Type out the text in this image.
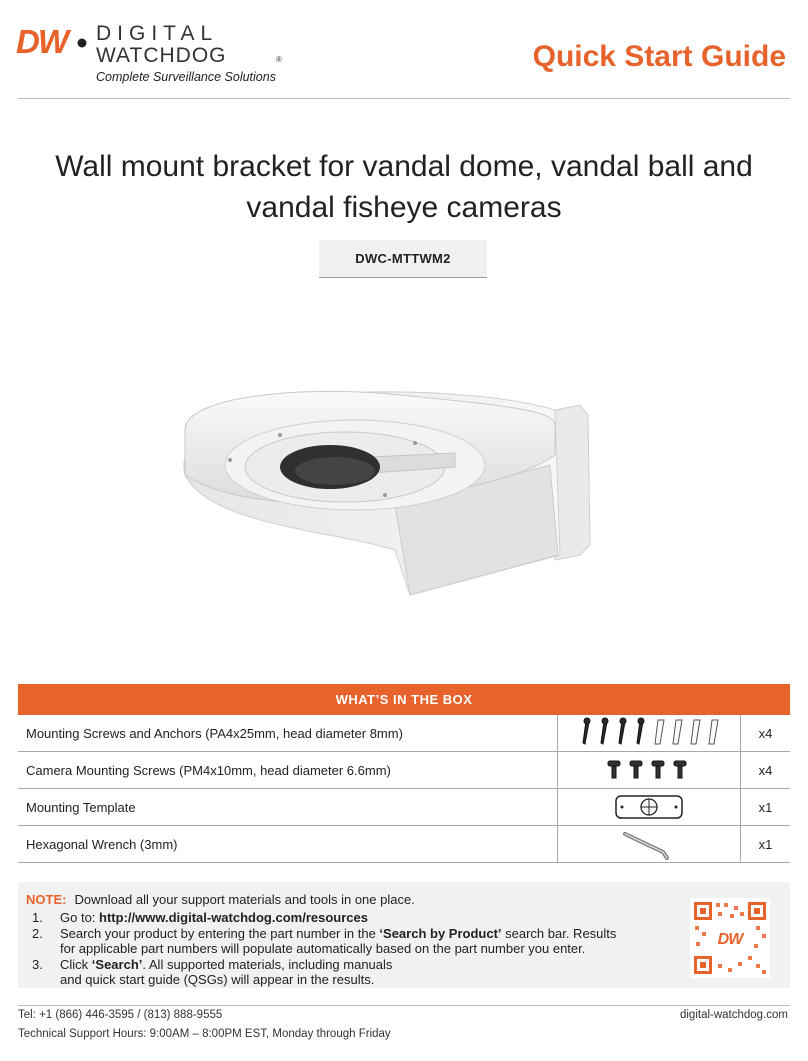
DW DIGITAL
WATCHDOG	®
Complete Surveillance Solutions
Quick Start Guide
Wall mount bracket for vandal dome, vandal ball and
vandal fisheye cameras
DWC-MTTWM2
WHAT’S IN THE BOX
Mounting Screws and Anchors (PA4x25mm, head diameter 8mm)		x4
Camera Mounting Screws (PM4x10mm, head diameter 6.6mm)		x4
Mounting Template		x1
Hexagonal Wrench (3mm)		x1
NOTE: Download all your support materials and tools in one place.
1.	Go to: http://www.digital-watchdog.com/resources
2.	Search your product by entering the part number in the ‘Search by Product’ search bar. Results
for applicable part numbers will populate automatically based on the part number you enter.
3.	Click ‘Search’. All supported materials, including manuals
and quick start guide (QSGs) will appear in the results.
DW
Tel: +1 (866) 446-3595 / (813) 888-9555
Technical Support Hours: 9:00AM – 8:00PM EST, Monday through Friday
digital-watchdog.com
